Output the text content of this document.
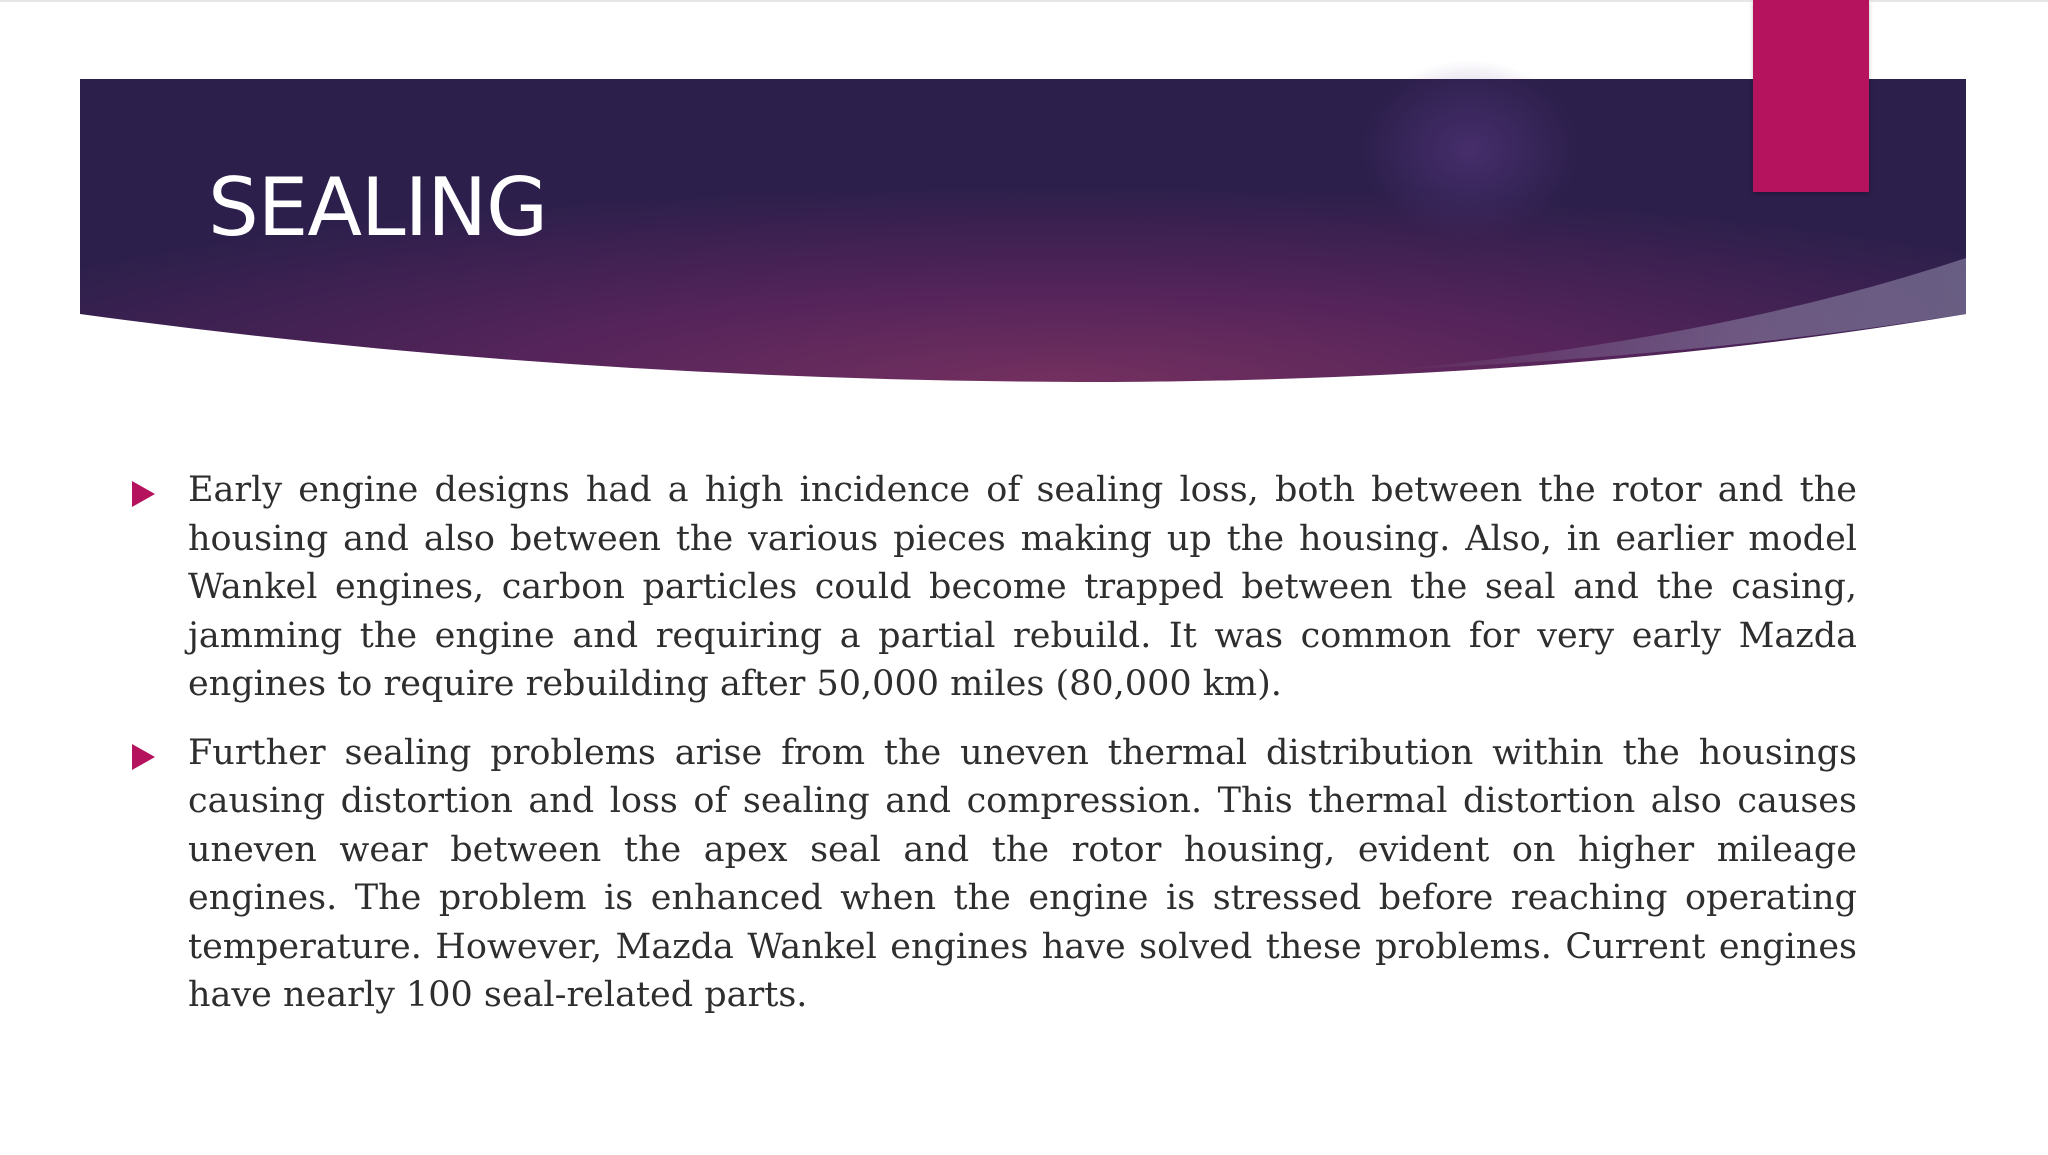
SEALING

Early engine designs had a high incidence of sealing loss, both between the rotor and the housing and also between the various pieces making up the housing. Also, in earlier model Wankel engines, carbon particles could become trapped between the seal and the casing, jamming the engine and requiring a partial rebuild. It was common for very early Mazda engines to require rebuilding after 50,000 miles (80,000 km).

Further sealing problems arise from the uneven thermal distribution within the housings causing distortion and loss of sealing and compression. This thermal distortion also causes uneven wear between the apex seal and the rotor housing, evident on higher mileage engines. The problem is enhanced when the engine is stressed before reaching operating temperature. However, Mazda Wankel engines have solved these problems. Current engines have nearly 100 seal-related parts.
